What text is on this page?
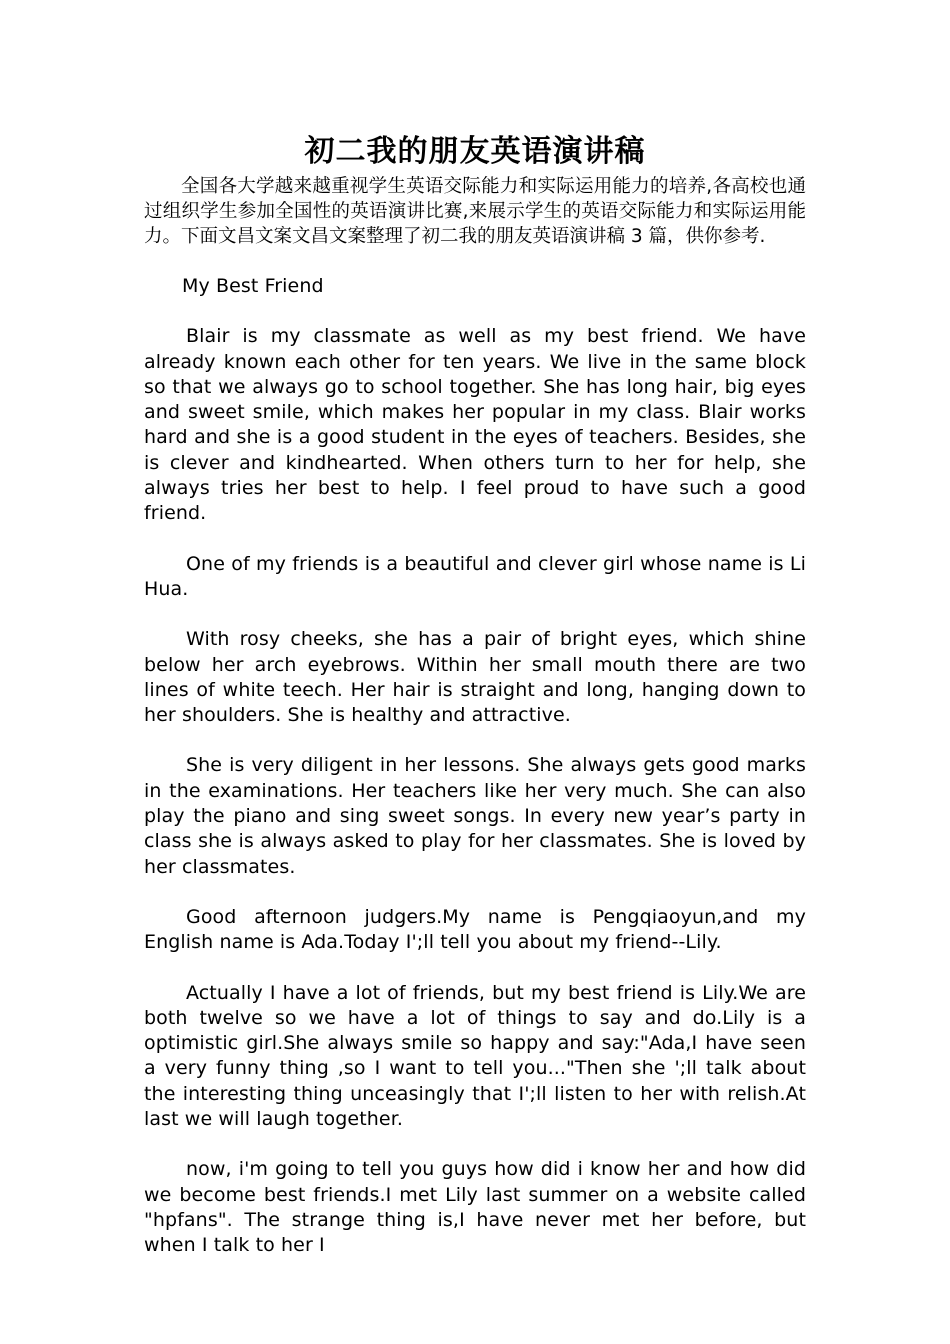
初二我的朋友英语演讲稿

全国各大学越来越重视学生英语交际能力和实际运用能力的培养,各高校也通过组织学生参加全国性的英语演讲比赛,来展示学生的英语交际能力和实际运用能力。下面文昌文案文昌文案整理了初二我的朋友英语演讲稿 3 篇，供你参考.

My Best Friend

Blair is my classmate as well as my best friend. We have already known each other for ten years. We live in the same block so that we always go to school together. She has long hair, big eyes and sweet smile, which makes her popular in my class. Blair works hard and she is a good student in the eyes of teachers. Besides, she is clever and kindhearted. When others turn to her for help, she always tries her best to help. I feel proud to have such a good friend.

One of my friends is a beautiful and clever girl whose name is Li Hua.

With rosy cheeks, she has a pair of bright eyes, which shine below her arch eyebrows. Within her small mouth there are two lines of white teech. Her hair is straight and long, hanging down to her shoulders. She is healthy and attractive.

She is very diligent in her lessons. She always gets good marks in the examinations. Her teachers like her very much. She can also play the piano and sing sweet songs. In every new year’s party in class she is always asked to play for her classmates. She is loved by her classmates.

Good afternoon judgers.My name is Pengqiaoyun,and my English name is Ada.Today I';ll tell you about my friend--Lily.

Actually I have a lot of friends, but my best friend is Lily.We are both twelve so we have a lot of things to say and do.Lily is a optimistic girl.She always smile so happy and say:"Ada,I have seen a very funny thing ,so I want to tell you..."Then she ';ll talk about the interesting thing unceasingly that I';ll listen to her with relish.At last we will laugh together.

now, i'm going to tell you guys how did i know her and how did we become best friends.I met Lily last summer on a website called "hpfans". The strange thing is,I have never met her before, but when I talk to her I
